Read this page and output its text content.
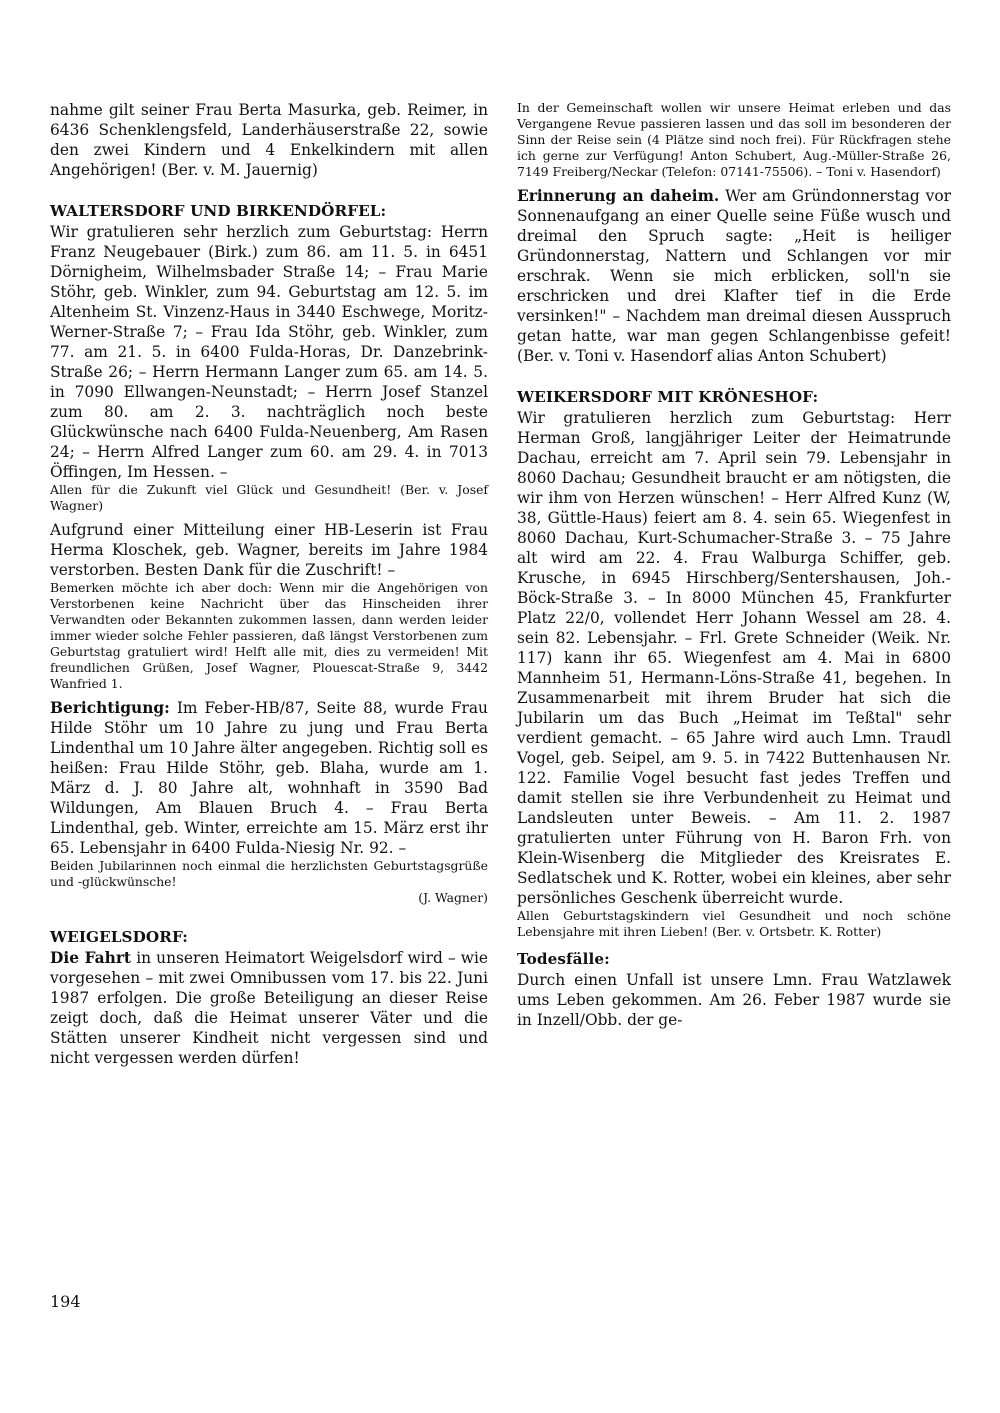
nahme gilt seiner Frau Berta Masurka, geb. Reimer, in 6436 Schenklengsfeld, Landerhäuserstraße 22, sowie den zwei Kindern und 4 Enkelkindern mit allen Angehörigen! (Ber. v. M. Jauernig)

WALTERSDORF UND BIRKENDÖRFEL:

Wir gratulieren sehr herzlich zum Geburtstag: Herrn Franz Neugebauer (Birk.) zum 86. am 11. 5. in 6451 Dörnigheim, Wilhelmsbader Straße 14; – Frau Marie Stöhr, geb. Winkler, zum 94. Geburtstag am 12. 5. im Altenheim St. Vinzenz-Haus in 3440 Eschwege, Moritz-Werner-Straße 7; – Frau Ida Stöhr, geb. Winkler, zum 77. am 21. 5. in 6400 Fulda-Horas, Dr. Danzebrink-Straße 26; – Herrn Hermann Langer zum 65. am 14. 5. in 7090 Ellwangen-Neunstadt; – Herrn Josef Stanzel zum 80. am 2. 3. nachträglich noch beste Glückwünsche nach 6400 Fulda-Neuenberg, Am Rasen 24; – Herrn Alfred Langer zum 60. am 29. 4. in 7013 Öffingen, Im Hessen. –

Allen für die Zukunft viel Glück und Gesundheit! (Ber. v. Josef Wagner)

Aufgrund einer Mitteilung einer HB-Leserin ist Frau Herma Kloschek, geb. Wagner, bereits im Jahre 1984 verstorben. Besten Dank für die Zuschrift! –

Bemerken möchte ich aber doch: Wenn mir die Angehörigen von Verstorbenen keine Nachricht über das Hinscheiden ihrer Verwandten oder Bekannten zukommen lassen, dann werden leider immer wieder solche Fehler passieren, daß längst Verstorbenen zum Geburtstag gratuliert wird! Helft alle mit, dies zu vermeiden! Mit freundlichen Grüßen, Josef Wagner, Plouescat-Straße 9, 3442 Wanfried 1.

Berichtigung: Im Feber-HB/87, Seite 88, wurde Frau Hilde Stöhr um 10 Jahre zu jung und Frau Berta Lindenthal um 10 Jahre älter angegeben. Richtig soll es heißen: Frau Hilde Stöhr, geb. Blaha, wurde am 1. März d. J. 80 Jahre alt, wohnhaft in 3590 Bad Wildungen, Am Blauen Bruch 4. – Frau Berta Lindenthal, geb. Winter, erreichte am 15. März erst ihr 65. Lebensjahr in 6400 Fulda-Niesig Nr. 92. –

Beiden Jubilarinnen noch einmal die herzlichsten Geburtstagsgrüße und -glückwünsche!

(J. Wagner)

WEIGELSDORF:

Die Fahrt in unseren Heimatort Weigelsdorf wird – wie vorgesehen – mit zwei Omnibussen vom 17. bis 22. Juni 1987 erfolgen. Die große Beteiligung an dieser Reise zeigt doch, daß die Heimat unserer Väter und die Stätten unserer Kindheit nicht vergessen sind und nicht vergessen werden dürfen!

In der Gemeinschaft wollen wir unsere Heimat erleben und das Vergangene Revue passieren lassen und das soll im besonderen der Sinn der Reise sein (4 Plätze sind noch frei). Für Rückfragen stehe ich gerne zur Verfügung! Anton Schubert, Aug.-Müller-Straße 26, 7149 Freiberg/Neckar (Telefon: 07141-75506). – Toni v. Hasendorf)

Erinnerung an daheim. Wer am Gründonnerstag vor Sonnenaufgang an einer Quelle seine Füße wusch und dreimal den Spruch sagte: „Heit is heiliger Gründonnerstag, Nattern und Schlangen vor mir erschrak. Wenn sie mich erblicken, soll'n sie erschricken und drei Klafter tief in die Erde versinken!" – Nachdem man dreimal diesen Ausspruch getan hatte, war man gegen Schlangenbisse gefeit! (Ber. v. Toni v. Hasendorf alias Anton Schubert)

WEIKERSDORF MIT KRÖNESHOF:

Wir gratulieren herzlich zum Geburtstag: Herr Herman Groß, langjähriger Leiter der Heimatrunde Dachau, erreicht am 7. April sein 79. Lebensjahr in 8060 Dachau; Gesundheit braucht er am nötigsten, die wir ihm von Herzen wünschen! – Herr Alfred Kunz (W, 38, Güttle-Haus) feiert am 8. 4. sein 65. Wiegenfest in 8060 Dachau, Kurt-Schumacher-Straße 3. – 75 Jahre alt wird am 22. 4. Frau Walburga Schiffer, geb. Krusche, in 6945 Hirschberg/Sentershausen, Joh.-Böck-Straße 3. – In 8000 München 45, Frankfurter Platz 22/0, vollendet Herr Johann Wessel am 28. 4. sein 82. Lebensjahr. – Frl. Grete Schneider (Weik. Nr. 117) kann ihr 65. Wiegenfest am 4. Mai in 6800 Mannheim 51, Hermann-Löns-Straße 41, begehen. In Zusammenarbeit mit ihrem Bruder hat sich die Jubilarin um das Buch „Heimat im Teßtal" sehr verdient gemacht. – 65 Jahre wird auch Lmn. Traudl Vogel, geb. Seipel, am 9. 5. in 7422 Buttenhausen Nr. 122. Familie Vogel besucht fast jedes Treffen und damit stellen sie ihre Verbundenheit zu Heimat und Landsleuten unter Beweis. – Am 11. 2. 1987 gratulierten unter Führung von H. Baron Frh. von Klein-Wisenberg die Mitglieder des Kreisrates E. Sedlatschek und K. Rotter, wobei ein kleines, aber sehr persönliches Geschenk überreicht wurde.

Allen Geburtstagskindern viel Gesundheit und noch schöne Lebensjahre mit ihren Lieben! (Ber. v. Ortsbetr. K. Rotter)

Todesfälle:

Durch einen Unfall ist unsere Lmn. Frau Watzlawek ums Leben gekommen. Am 26. Feber 1987 wurde sie in Inzell/Obb. der ge-

194
